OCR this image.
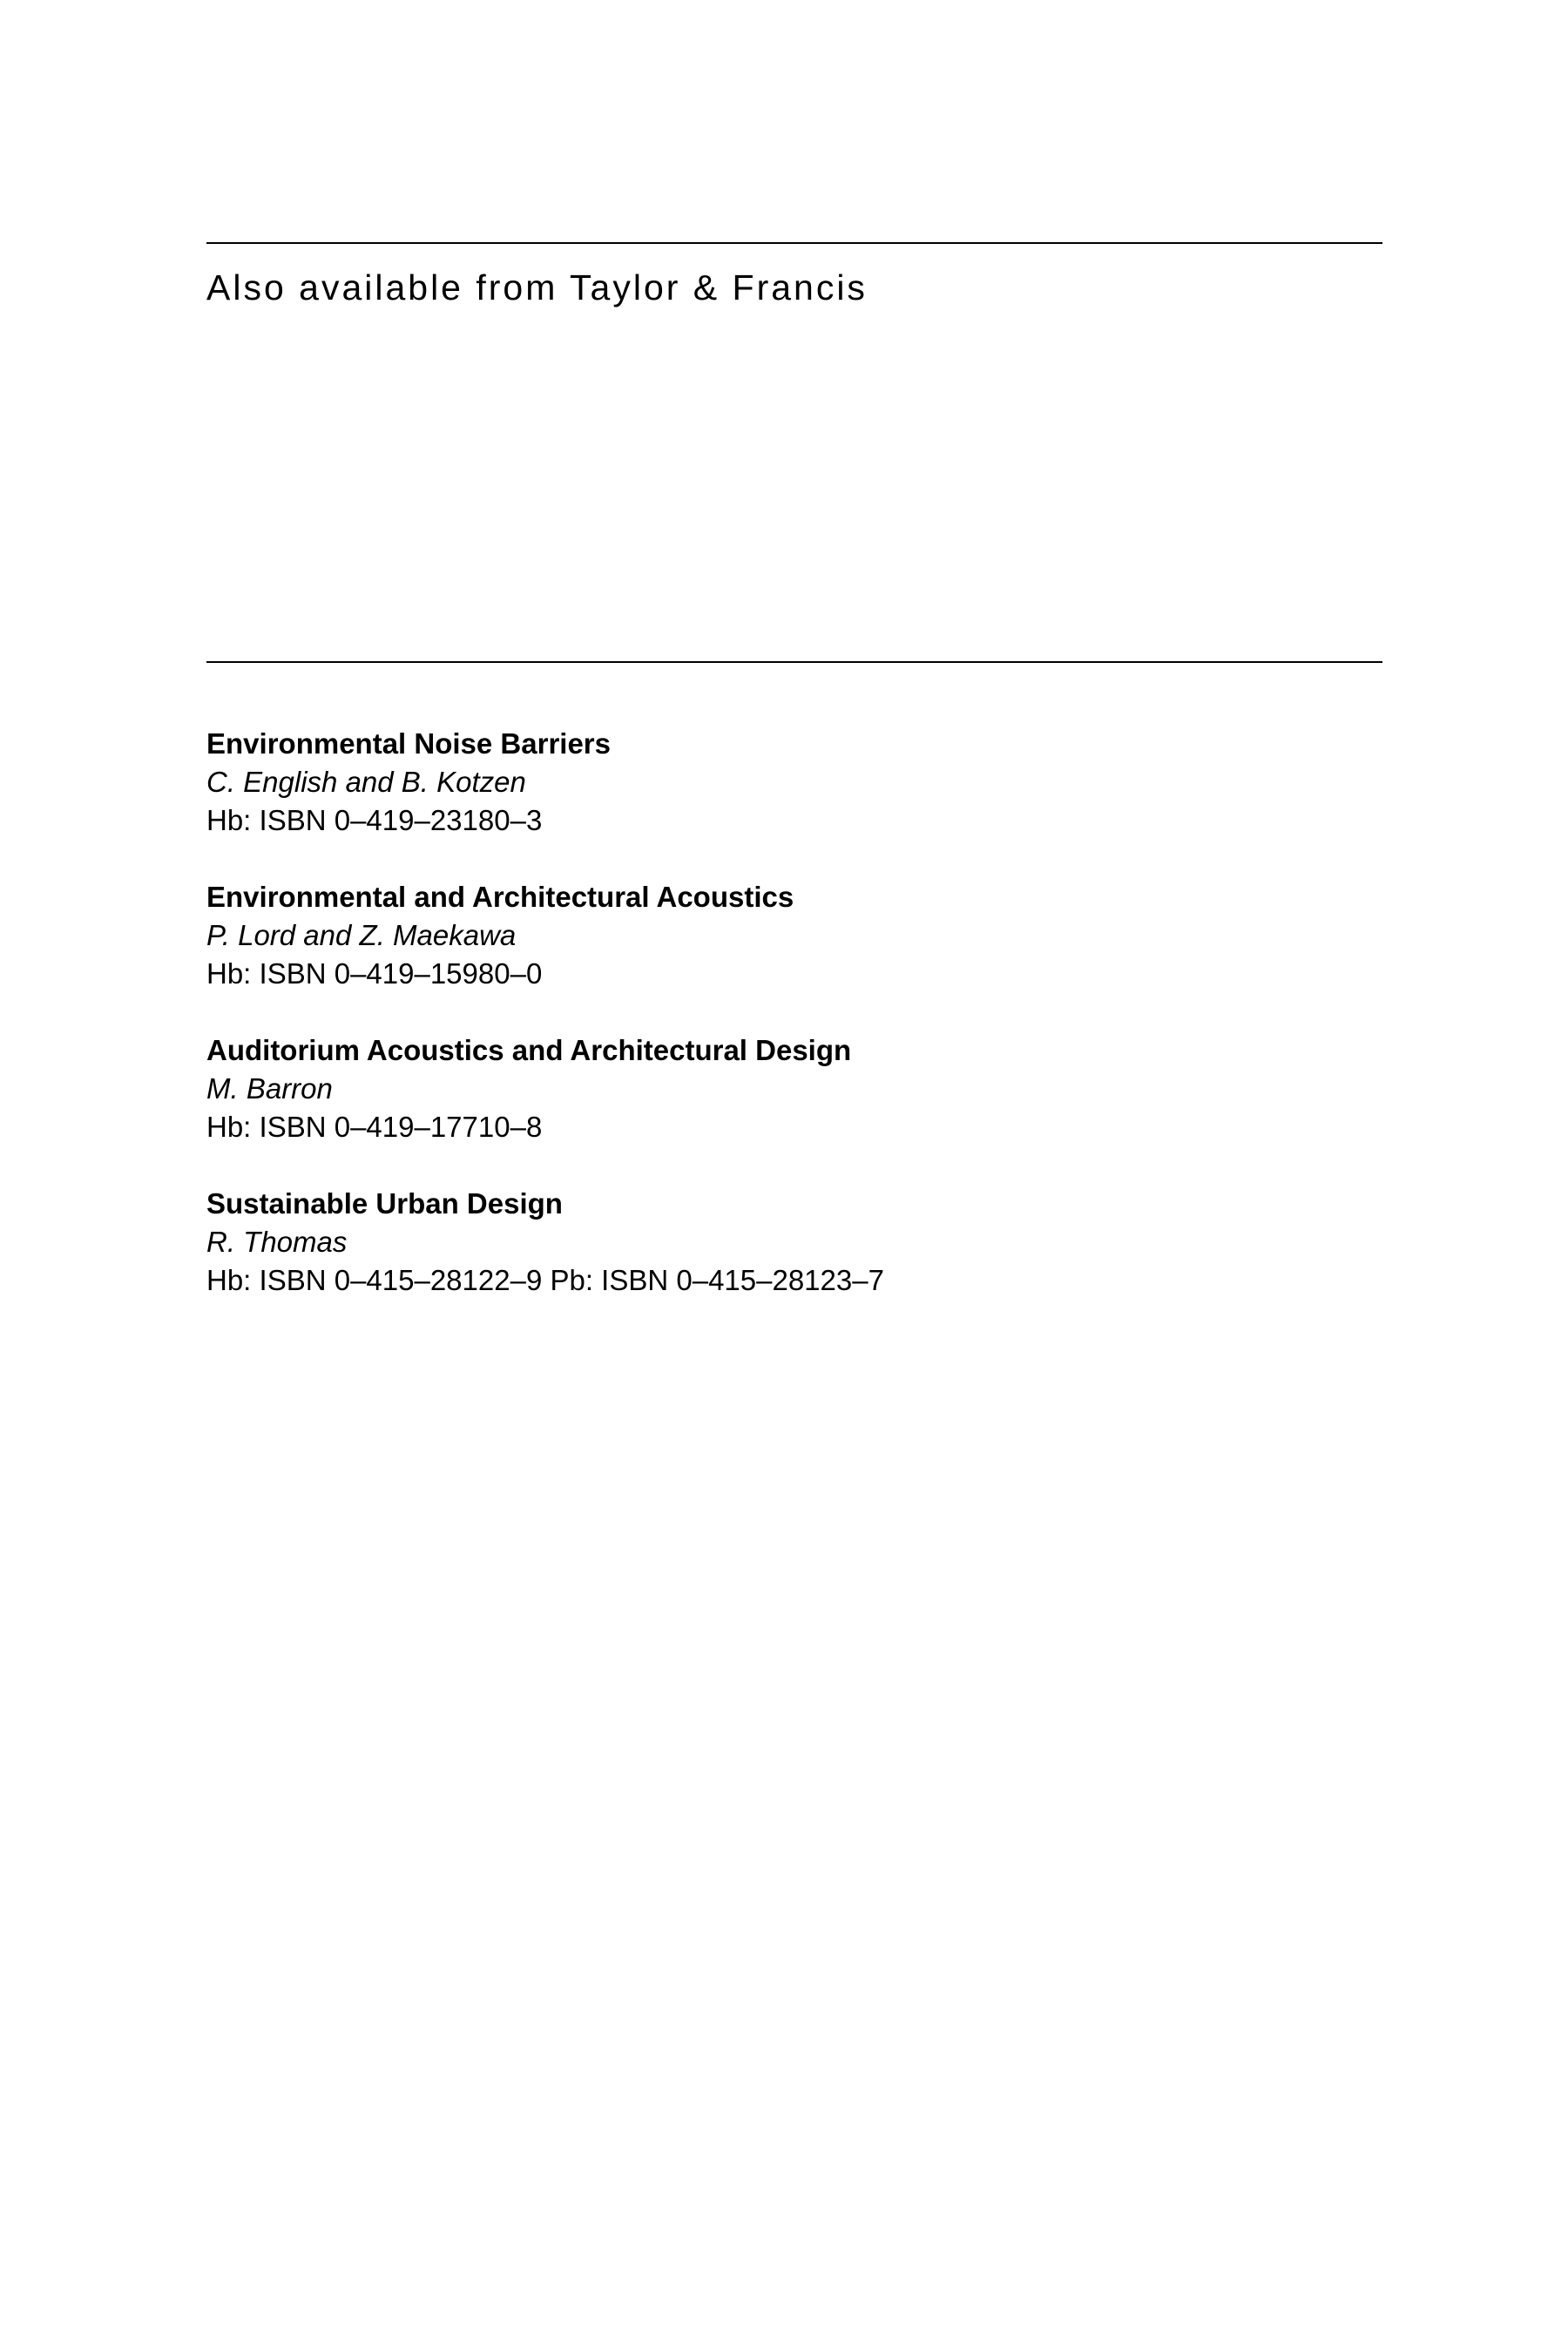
Also available from Taylor & Francis
Environmental Noise Barriers
C. English and B. Kotzen
Hb: ISBN 0–419–23180–3
Environmental and Architectural Acoustics
P. Lord and Z. Maekawa
Hb: ISBN 0–419–15980–0
Auditorium Acoustics and Architectural Design
M. Barron
Hb: ISBN 0–419–17710–8
Sustainable Urban Design
R. Thomas
Hb: ISBN 0–415–28122–9 Pb: ISBN 0–415–28123–7
